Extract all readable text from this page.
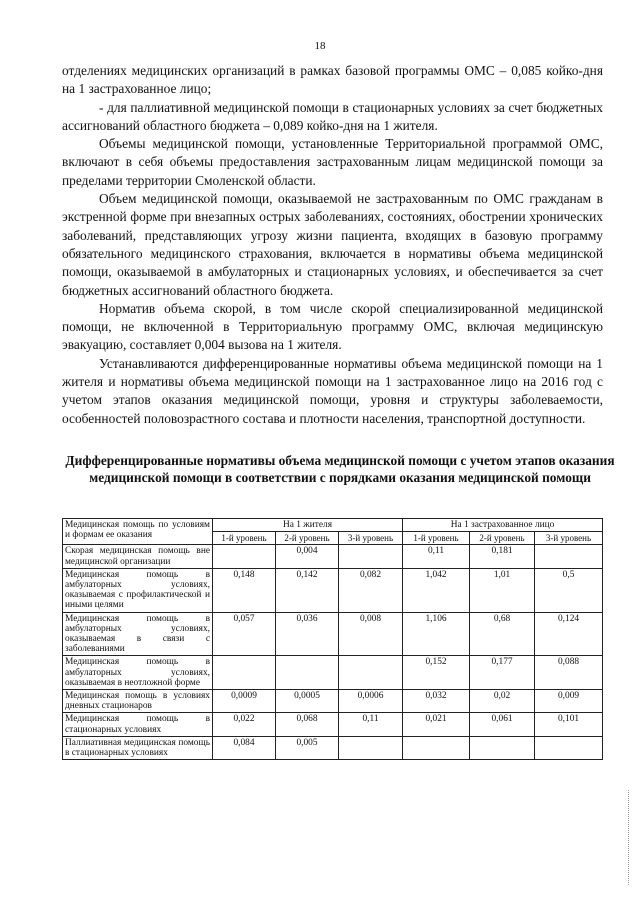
18

отделениях медицинских организаций в рамках базовой программы ОМС – 0,085 койко-дня на 1 застрахованное лицо;

- для паллиативной медицинской помощи в стационарных условиях за счет бюджетных ассигнований областного бюджета – 0,089 койко-дня на 1 жителя.

Объемы медицинской помощи, установленные Территориальной программой ОМС, включают в себя объемы предоставления застрахованным лицам медицинской помощи за пределами территории Смоленской области.

Объем медицинской помощи, оказываемой не застрахованным по ОМС гражданам в экстренной форме при внезапных острых заболеваниях, состояниях, обострении хронических заболеваний, представляющих угрозу жизни пациента, входящих в базовую программу обязательного медицинского страхования, включается в нормативы объема медицинской помощи, оказываемой в амбулаторных и стационарных условиях, и обеспечивается за счет бюджетных ассигнований областного бюджета.

Норматив объема скорой, в том числе скорой специализированной медицинской помощи, не включенной в Территориальную программу ОМС, включая медицинскую эвакуацию, составляет 0,004 вызова на 1 жителя.

Устанавливаются дифференцированные нормативы объема медицинской помощи на 1 жителя и нормативы объема медицинской помощи на 1 застрахованное лицо на 2016 год с учетом этапов оказания медицинской помощи, уровня и структуры заболеваемости, особенностей половозрастного состава и плотности населения, транспортной доступности.

Дифференцированные нормативы объема медицинской помощи с учетом этапов оказания медицинской помощи в соответствии с порядками оказания медицинской помощи
Медицинская помощь по условиям и формам ее оказания	На 1 жителя			На 1 застрахованное лицо		
	1-й уровень	2-й уровень	3-й уровень	1-й уровень	2-й уровень	3-й уровень
Скорая медицинская помощь вне медицинской организации		0,004		0,11	0,181	
Медицинская помощь в амбулаторных условиях, оказываемая с профилактической и иными целями	0,148	0,142	0,082	1,042	1,01	0,5
Медицинская помощь в амбулаторных условиях, оказываемая в связи с заболеваниями	0,057	0,036	0,008	1,106	0,68	0,124
Медицинская помощь в амбулаторных условиях, оказываемая в неотложной форме				0,152	0,177	0,088
Медицинская помощь в условиях дневных стационаров	0,0009	0,0005	0,0006	0,032	0,02	0,009
Медицинская помощь в стационарных условиях	0,022	0,068	0,11	0,021	0,061	0,101
Паллиативная медицинская помощь в стационарных условиях	0,084	0,005				
